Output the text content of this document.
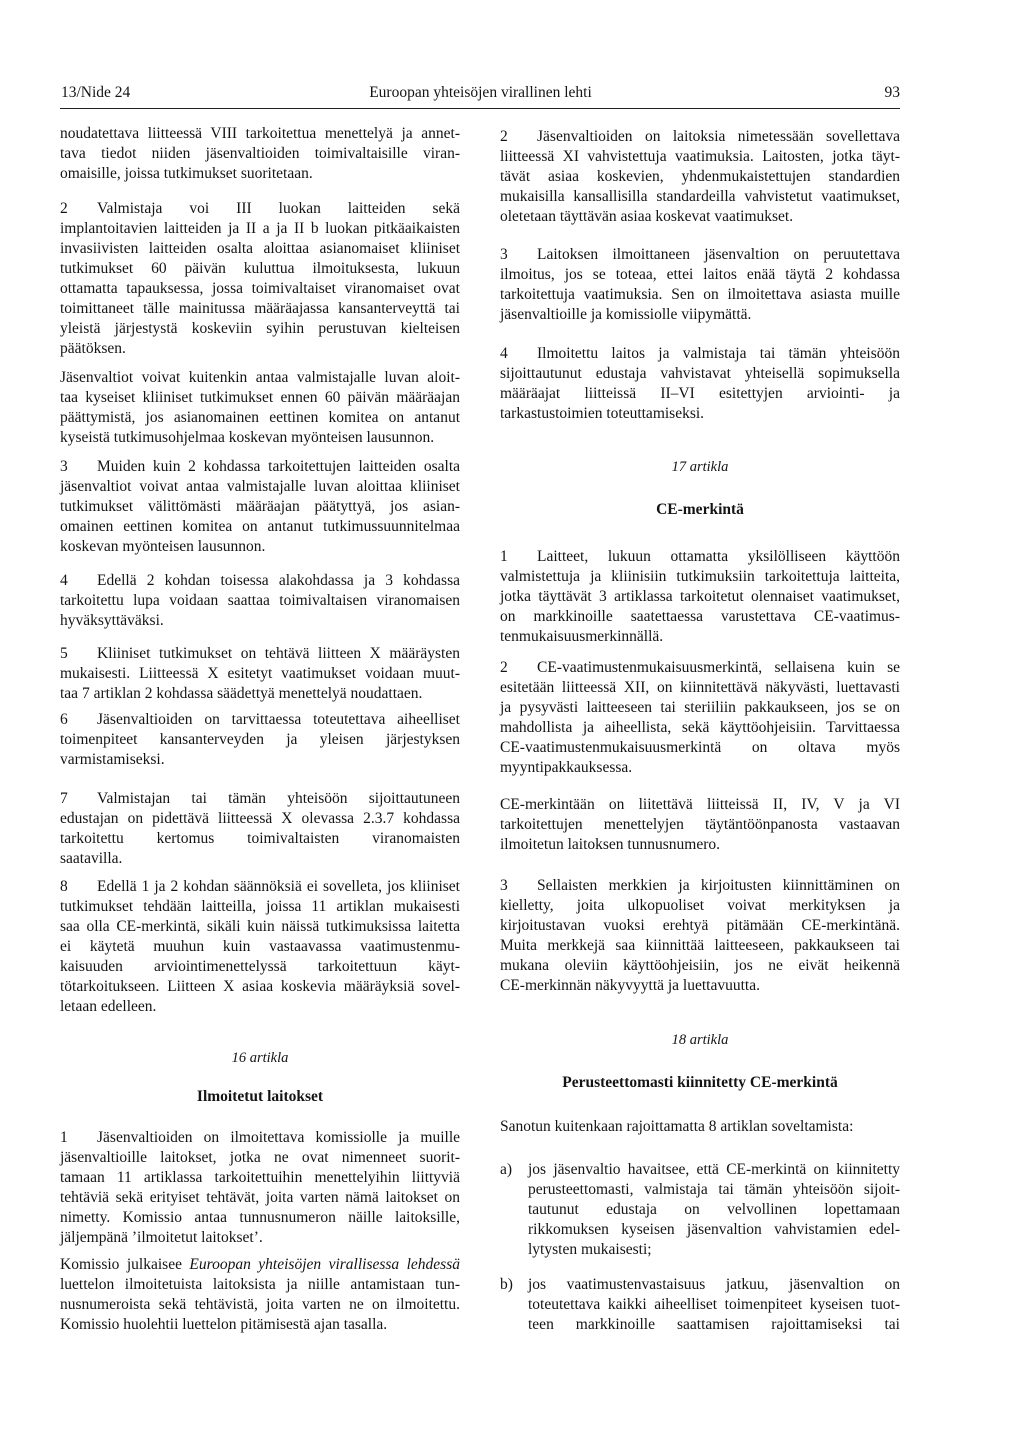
13/Nide 24	Euroopan yhteisöjen virallinen lehti	93
noudatettava liitteessä VIII tarkoitettua menettelyä ja annet-
tava tiedot niiden jäsenvaltioiden toimivaltaisille viran-
omaisille, joissa tutkimukset suoritetaan.
2 Valmistaja voi III luokan laitteiden sekä
implantoitavien laitteiden ja II a ja II b luokan pitkäaikaisten
invasiivisten laitteiden osalta aloittaa asianomaiset kliiniset
tutkimukset 60 päivän kuluttua ilmoituksesta, lukuun
ottamatta tapauksessa, jossa toimivaltaiset viranomaiset ovat
toimittaneet tälle mainitussa määräajassa kansanterveyttä tai
yleistä järjestystä koskeviin syihin perustuvan kielteisen
päätöksen.
Jäsenvaltiot voivat kuitenkin antaa valmistajalle luvan aloit-
taa kyseiset kliiniset tutkimukset ennen 60 päivän määräajan
päättymistä, jos asianomainen eettinen komitea on antanut
kyseistä tutkimusohjelmaa koskevan myönteisen lausunnon.
3 Muiden kuin 2 kohdassa tarkoitettujen laitteiden osalta
jäsenvaltiot voivat antaa valmistajalle luvan aloittaa kliiniset
tutkimukset välittömästi määräajan päätyttyä, jos asian-
omainen eettinen komitea on antanut tutkimussuunnitelmaa
koskevan myönteisen lausunnon.
4 Edellä 2 kohdan toisessa alakohdassa ja 3 kohdassa
tarkoitettu lupa voidaan saattaa toimivaltaisen viranomaisen
hyväksyttäväksi.
5 Kliiniset tutkimukset on tehtävä liitteen X määräysten
mukaisesti. Liitteessä X esitetyt vaatimukset voidaan muut-
taa 7 artiklan 2 kohdassa säädettyä menettelyä noudattaen.
6 Jäsenvaltioiden on tarvittaessa toteutettava aiheelliset
toimenpiteet kansanterveyden ja yleisen järjestyksen
varmistamiseksi.
7 Valmistajan tai tämän yhteisöön sijoittautuneen
edustajan on pidettävä liitteessä X olevassa 2.3.7 kohdassa
tarkoitettu kertomus toimivaltaisten viranomaisten
saatavilla.
8 Edellä 1 ja 2 kohdan säännöksiä ei sovelleta, jos kliiniset
tutkimukset tehdään laitteilla, joissa 11 artiklan mukaisesti
saa olla CE-merkintä, sikäli kuin näissä tutkimuksissa laitetta
ei käytetä muuhun kuin vastaavassa vaatimustenmu-
kaisuuden arviointimenettelyssä tarkoitettuun käyt-
tötarkoitukseen. Liitteen X asiaa koskevia määräyksiä sovel-
letaan edelleen.
16 artikla
Ilmoitetut laitokset
1 Jäsenvaltioiden on ilmoitettava komissiolle ja muille
jäsenvaltioille laitokset, jotka ne ovat nimenneet suorit-
tamaan 11 artiklassa tarkoitettuihin menettelyihin liittyviä
tehtäviä sekä erityiset tehtävät, joita varten nämä laitokset on
nimetty. Komissio antaa tunnusnumeron näille laitoksille,
jäljempänä ’ilmoitetut laitokset’.
Komissio julkaisee Euroopan yhteisöjen virallisessa lehdessä
luettelon ilmoitetuista laitoksista ja niille antamistaan tun-
nusnumeroista sekä tehtävistä, joita varten ne on ilmoitettu.
Komissio huolehtii luettelon pitämisestä ajan tasalla.
2 Jäsenvaltioiden on laitoksia nimetessään sovellettava
liitteessä XI vahvistettuja vaatimuksia. Laitosten, jotka täyt-
tävät asiaa koskevien, yhdenmukaistettujen standardien
mukaisilla kansallisilla standardeilla vahvistetut vaatimukset,
oletetaan täyttävän asiaa koskevat vaatimukset.
3 Laitoksen ilmoittaneen jäsenvaltion on peruutettava
ilmoitus, jos se toteaa, ettei laitos enää täytä 2 kohdassa
tarkoitettuja vaatimuksia. Sen on ilmoitettava asiasta muille
jäsenvaltioille ja komissiolle viipymättä.
4 Ilmoitettu laitos ja valmistaja tai tämän yhteisöön
sijoittautunut edustaja vahvistavat yhteisellä sopimuksella
määräajat liitteissä II–VI esitettyjen arviointi- ja
tarkastustoimien toteuttamiseksi.
17 artikla
CE-merkintä
1 Laitteet, lukuun ottamatta yksilölliseen käyttöön
valmistettuja ja kliinisiin tutkimuksiin tarkoitettuja laitteita,
jotka täyttävät 3 artiklassa tarkoitetut olennaiset vaatimukset,
on markkinoille saatettaessa varustettava CE-vaatimus-
tenmukaisuusmerkinnällä.
2 CE-vaatimustenmukaisuusmerkintä, sellaisena kuin se
esitetään liitteessä XII, on kiinnitettävä näkyvästi, luettavasti
ja pysyvästi laitteeseen tai steriiliin pakkaukseen, jos se on
mahdollista ja aiheellista, sekä käyttöohjeisiin. Tarvittaessa
CE-vaatimustenmukaisuusmerkintä on oltava myös
myyntipakkauksessa.
CE-merkintään on liitettävä liitteissä II, IV, V ja VI
tarkoitettujen menettelyjen täytäntöönpanosta vastaavan
ilmoitetun laitoksen tunnusnumero.
3 Sellaisten merkkien ja kirjoitusten kiinnittäminen on
kielletty, joita ulkopuoliset voivat merkityksen ja
kirjoitustavan vuoksi erehtyä pitämään CE-merkintänä.
Muita merkkejä saa kiinnittää laitteeseen, pakkaukseen tai
mukana oleviin käyttöohjeisiin, jos ne eivät heikennä
CE-merkinnän näkyvyyttä ja luettavuutta.
18 artikla
Perusteettomasti kiinnitetty CE-merkintä
Sanotun kuitenkaan rajoittamatta 8 artiklan soveltamista:
a) jos jäsenvaltio havaitsee, että CE-merkintä on kiinnitetty
perusteettomasti, valmistaja tai tämän yhteisöön sijoit-
tautunut edustaja on velvollinen lopettamaan
rikkomuksen kyseisen jäsenvaltion vahvistamien edel-
lytysten mukaisesti;
b) jos vaatimustenvastaisuus jatkuu, jäsenvaltion on
toteutettava kaikki aiheelliset toimenpiteet kyseisen tuot-
teen markkinoille saattamisen rajoittamiseksi tai
